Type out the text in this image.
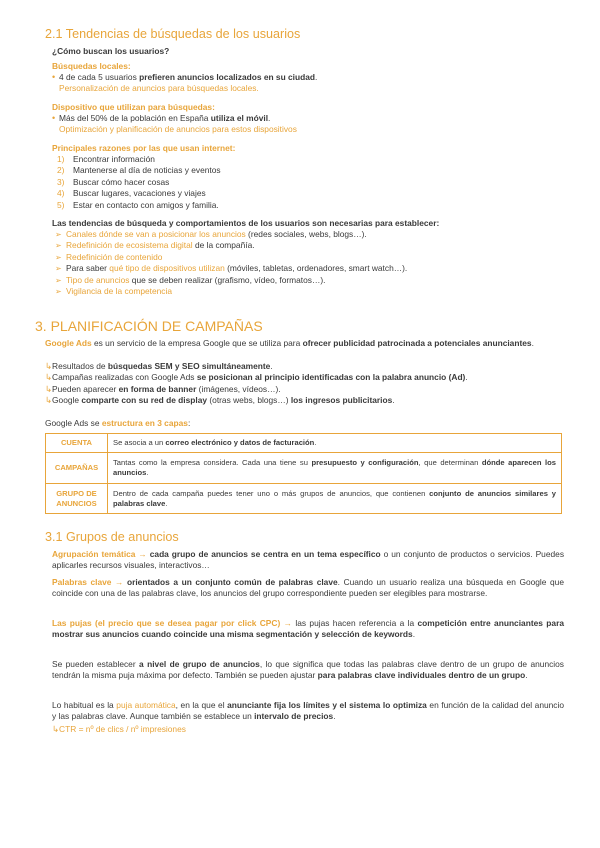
2.1 Tendencias de búsquedas de los usuarios
¿Cómo buscan los usuarios?
Búsquedas locales:
• 4 de cada 5 usuarios prefieren anuncios localizados en su ciudad.
Personalización de anuncios para búsquedas locales.
Dispositivo que utilizan para búsquedas:
• Más del 50% de la población en España utiliza el móvil.
Optimización y planificación de anuncios para estos dispositivos
Principales razones por las que usan internet:
1) Encontrar información
2) Mantenerse al día de noticias y eventos
3) Buscar cómo hacer cosas
4) Buscar lugares, vacaciones y viajes
5) Estar en contacto con amigos y familia.
Las tendencias de búsqueda y comportamientos de los usuarios son necesarias para establecer:
➢ Canales dónde se van a posicionar los anuncios (redes sociales, webs, blogs…).
➢ Redefinición de ecosistema digital de la compañía.
➢ Redefinición de contenido
➢ Para saber qué tipo de dispositivos utilizan (móviles, tabletas, ordenadores, smart watch…).
➢ Tipo de anuncios que se deben realizar (grafismo, vídeo, formatos…).
➢ Vigilancia de la competencia
3. PLANIFICACIÓN DE CAMPAÑAS
Google Ads es un servicio de la empresa Google que se utiliza para ofrecer publicidad patrocinada a potenciales anunciantes.
↳Resultados de búsquedas SEM y SEO simultáneamente.
↳Campañas realizadas con Google Ads se posicionan al principio identificadas con la palabra anuncio (Ad).
↳Pueden aparecer en forma de banner (imágenes, vídeos…).
↳Google comparte con su red de display (otras webs, blogs…) los ingresos publicitarios.
Google Ads se estructura en 3 capas:
CUENTA	Se asocia a un correo electrónico y datos de facturación.
CAMPAÑAS	Tantas como la empresa considera. Cada una tiene su presupuesto y configuración, que determinan dónde aparecen los anuncios.
GRUPO DE ANUNCIOS	Dentro de cada campaña puedes tener uno o más grupos de anuncios, que contienen conjunto de anuncios similares y palabras clave.
3.1 Grupos de anuncios
Agrupación temática → cada grupo de anuncios se centra en un tema específico o un conjunto de productos o servicios. Puedes aplicarles recursos visuales, interactivos…
Palabras clave → orientados a un conjunto común de palabras clave. Cuando un usuario realiza una búsqueda en Google que coincide con una de las palabras clave, los anuncios del grupo correspondiente pueden ser elegibles para mostrarse.
Las pujas (el precio que se desea pagar por click CPC) → las pujas hacen referencia a la competición entre anunciantes para mostrar sus anuncios cuando coincide una misma segmentación y selección de keywords.
Se pueden establecer a nivel de grupo de anuncios, lo que significa que todas las palabras clave dentro de un grupo de anuncios tendrán la misma puja máxima por defecto. También se pueden ajustar para palabras clave individuales dentro de un grupo.
Lo habitual es la puja automática, en la que el anunciante fija los límites y el sistema lo optimiza en función de la calidad del anuncio y las palabras clave. Aunque también se establece un intervalo de precios.
↳CTR = nº de clics / nº impresiones
